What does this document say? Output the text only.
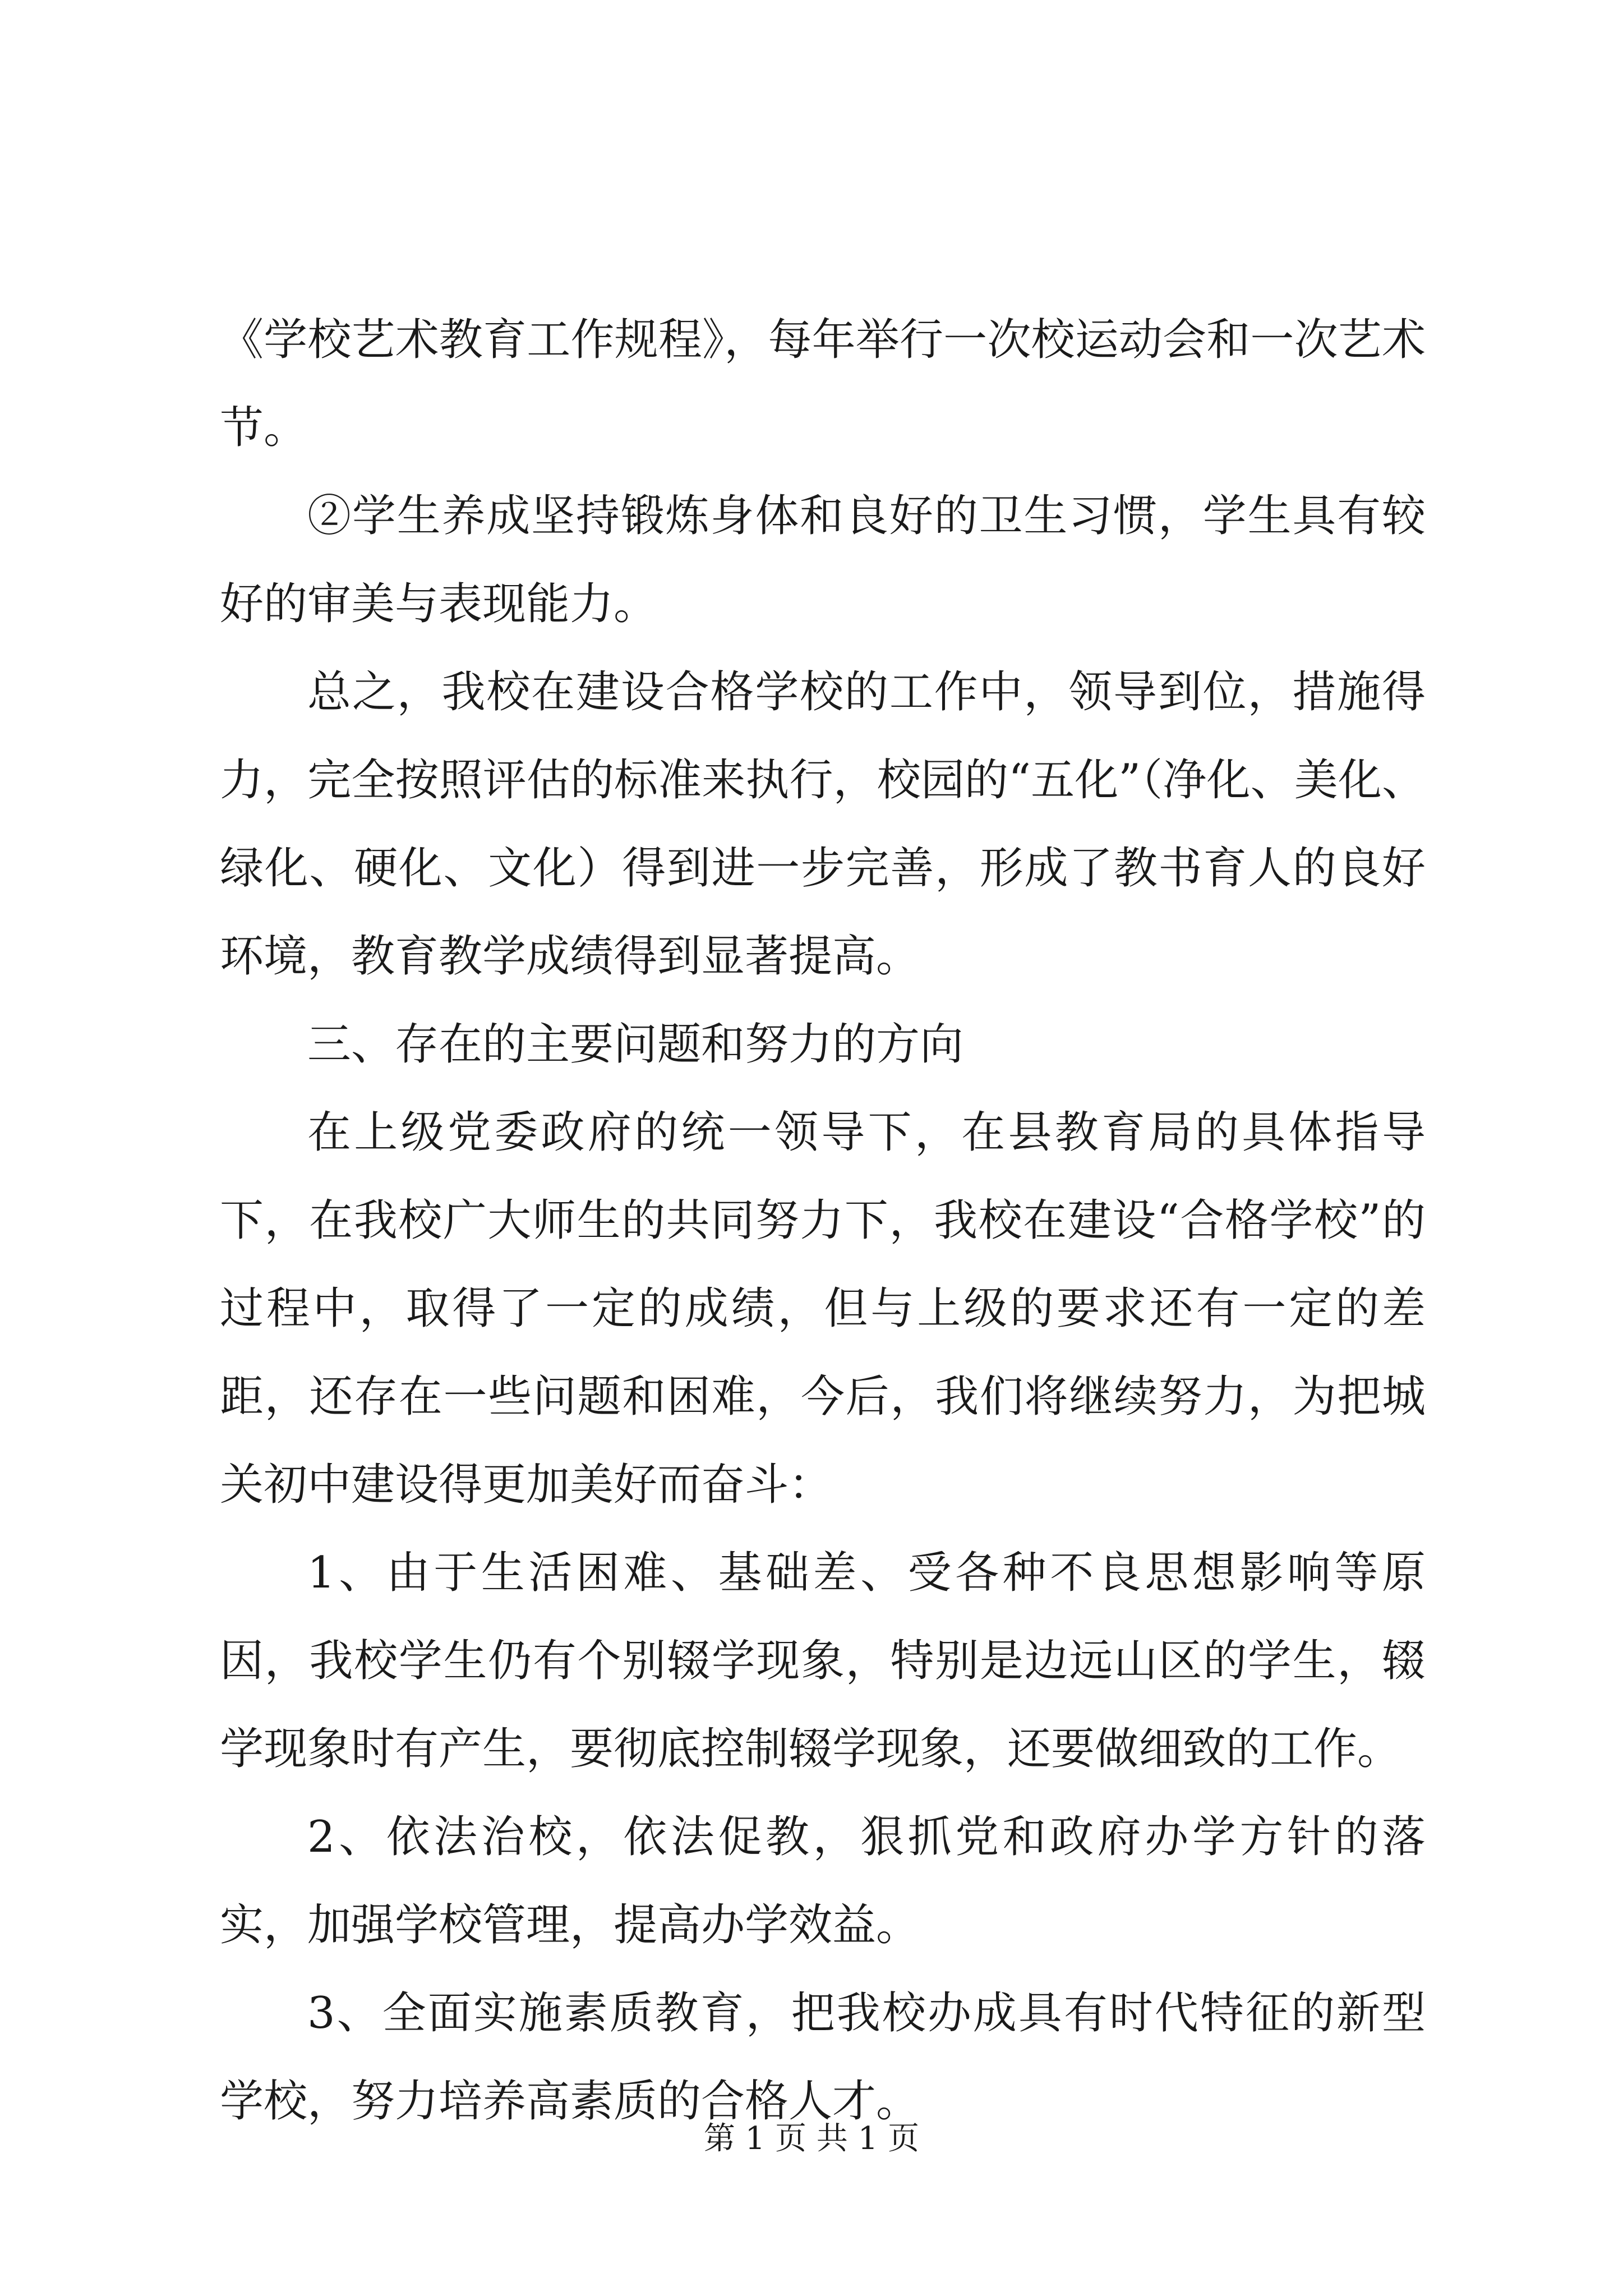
《学校艺术教育工作规程》，每年举行一次校运动会和一次艺术节。

②学生养成坚持锻炼身体和良好的卫生习惯，学生具有较好的审美与表现能力。

总之，我校在建设合格学校的工作中，领导到位，措施得力，完全按照评估的标准来执行，校园的“五化”（净化、美化、绿化、硬化、文化）得到进一步完善，形成了教书育人的良好环境，教育教学成绩得到显著提高。

三、存在的主要问题和努力的方向

在上级党委政府的统一领导下，在县教育局的具体指导下，在我校广大师生的共同努力下，我校在建设“合格学校”的过程中，取得了一定的成绩，但与上级的要求还有一定的差距，还存在一些问题和困难，今后，我们将继续努力，为把城关初中建设得更加美好而奋斗：

1、由于生活困难、基础差、受各种不良思想影响等原因，我校学生仍有个别辍学现象，特别是边远山区的学生，辍学现象时有产生，要彻底控制辍学现象，还要做细致的工作。

2、依法治校，依法促教，狠抓党和政府办学方针的落实，加强学校管理，提高办学效益。

3、全面实施素质教育，把我校办成具有时代特征的新型学校，努力培养高素质的合格人才。

第 1 页 共 1 页
